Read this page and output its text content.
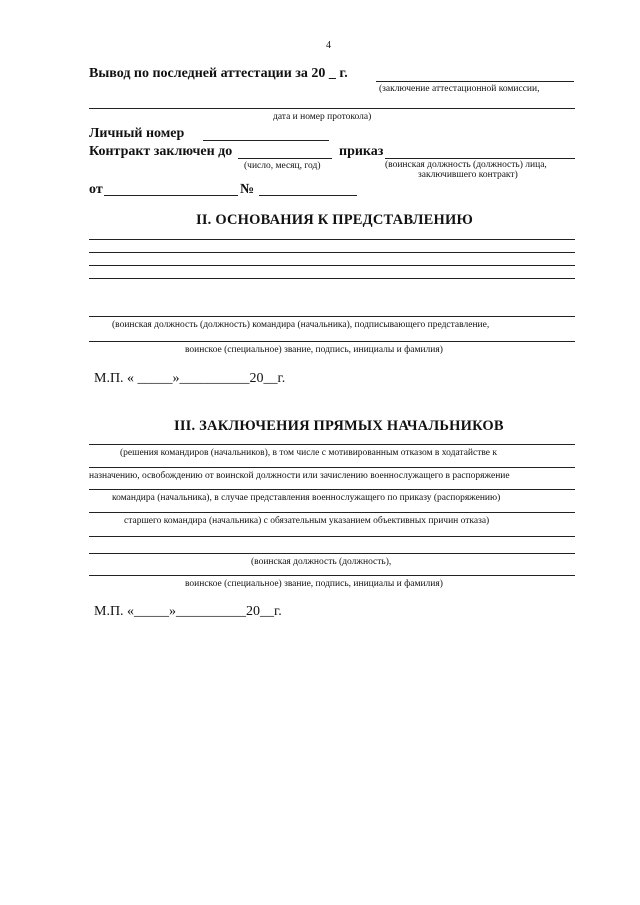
4
Вывод по последней аттестации за 20 _ г.
(заключение аттестационной комиссии,
дата и номер протокола)
Личный номер
Контракт заключен до
(число, месяц, год)
приказ
(воинская должность (должность) лица,
заключившего контракт)
от	№
II. ОСНОВАНИЯ К ПРЕДСТАВЛЕНИЮ
(воинская должность (должность) командира (начальника), подписывающего представление,
воинское (специальное) звание, подпись, инициалы и фамилия)
М.П. « _____»__________20__г.
III. ЗАКЛЮЧЕНИЯ ПРЯМЫХ НАЧАЛЬНИКОВ
(решения командиров (начальников), в том числе с мотивированным отказом в ходатайстве к
назначению, освобождению от воинской должности или зачислению военнослужащего в распоряжение
командира (начальника), в случае представления военнослужащего по приказу (распоряжению)
старшего командира (начальника) с обязательным указанием объективных причин отказа)
(воинская должность (должность),
воинское (специальное) звание, подпись, инициалы и фамилия)
М.П. «_____»__________20__г.
